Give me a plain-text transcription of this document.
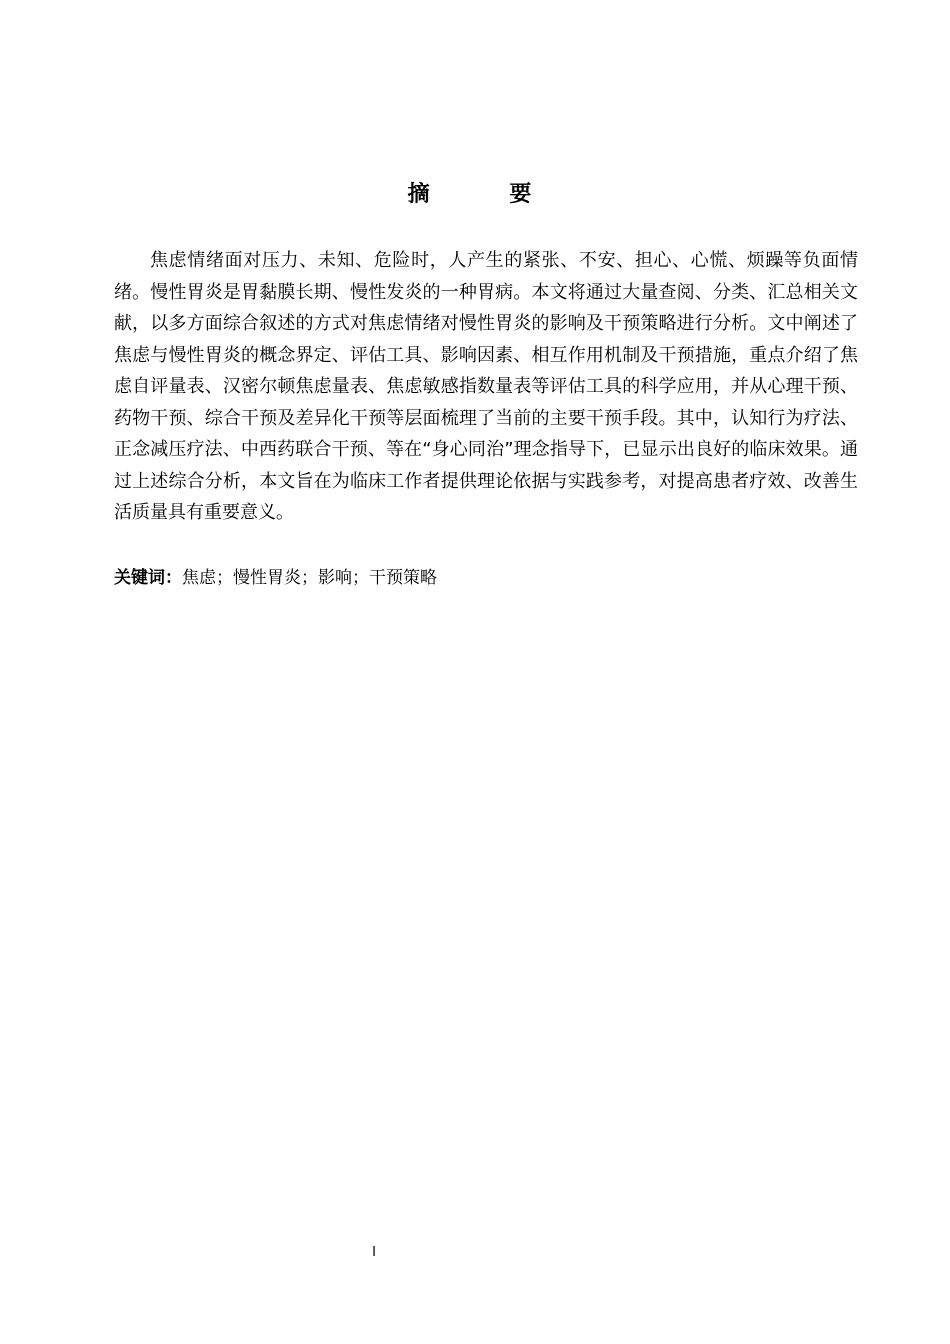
摘 要

焦虑情绪面对压力、未知、危险时，人产生的紧张、不安、担心、心慌、烦躁等负面情绪。慢性胃炎是胃黏膜长期、慢性发炎的一种胃病。本文将通过大量查阅、分类、汇总相关文献，以多方面综合叙述的方式对焦虑情绪对慢性胃炎的影响及干预策略进行分析。文中阐述了焦虑与慢性胃炎的概念界定、评估工具、影响因素、相互作用机制及干预措施，重点介绍了焦虑自评量表、汉密尔顿焦虑量表、焦虑敏感指数量表等评估工具的科学应用，并从心理干预、药物干预、综合干预及差异化干预等层面梳理了当前的主要干预手段。其中，认知行为疗法、正念减压疗法、中西药联合干预、等在“身心同治”理念指导下，已显示出良好的临床效果。通过上述综合分析，本文旨在为临床工作者提供理论依据与实践参考，对提高患者疗效、改善生活质量具有重要意义。

关键词：焦虑；慢性胃炎；影响；干预策略

I
